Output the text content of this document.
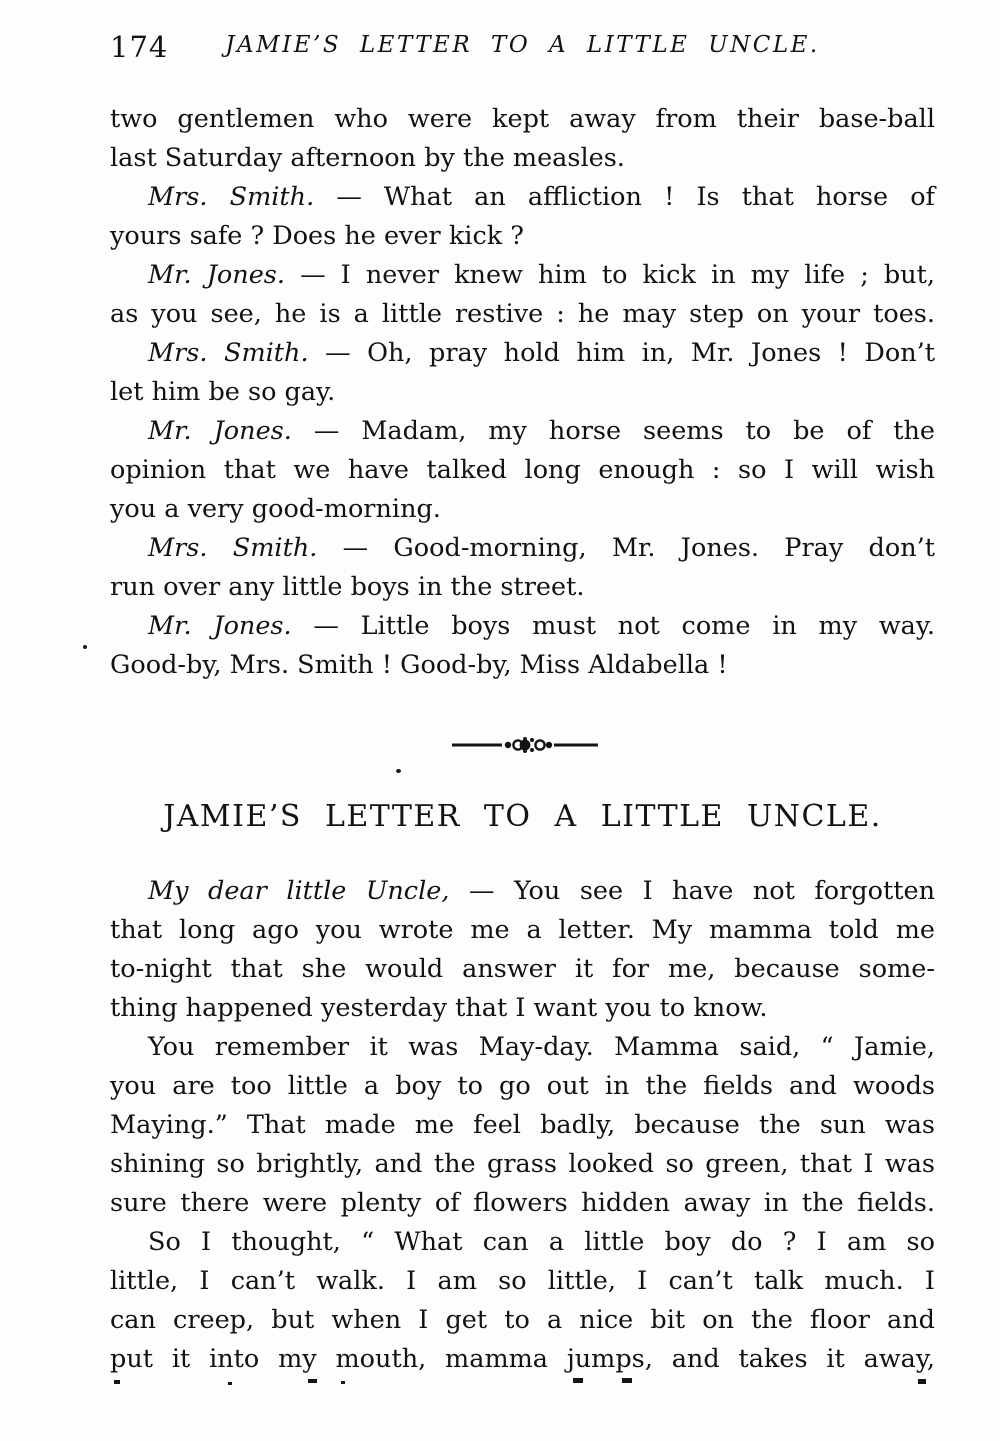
174	JAMIE’S LETTER TO A LITTLE UNCLE.
two gentlemen who were kept away from their base-ball
last Saturday afternoon by the measles.
Mrs. Smith. — What an affliction ! Is that horse of
yours safe ? Does he ever kick ?
Mr. Jones. — I never knew him to kick in my life ; but,
as you see, he is a little restive : he may step on your toes.
Mrs. Smith. — Oh, pray hold him in, Mr. Jones ! Don’t
let him be so gay.
Mr. Jones. — Madam, my horse seems to be of the
opinion that we have talked long enough : so I will wish
you a very good-morning.
Mrs. Smith. — Good-morning, Mr. Jones. Pray don’t
run over any little boys in the street.
Mr. Jones. — Little boys must not come in my way.
Good-by, Mrs. Smith ! Good-by, Miss Aldabella !
JAMIE’S LETTER TO A LITTLE UNCLE.
My dear little Uncle, — You see I have not forgotten
that long ago you wrote me a letter. My mamma told me
to-night that she would answer it for me, because some-
thing happened yesterday that I want you to know.
You remember it was May-day. Mamma said, “ Jamie,
you are too little a boy to go out in the fields and woods
Maying.” That made me feel badly, because the sun was
shining so brightly, and the grass looked so green, that I was
sure there were plenty of flowers hidden away in the fields.
So I thought, “ What can a little boy do ? I am so
little, I can’t walk. I am so little, I can’t talk much. I
can creep, but when I get to a nice bit on the floor and
put it into my mouth, mamma jumps, and takes it away,
